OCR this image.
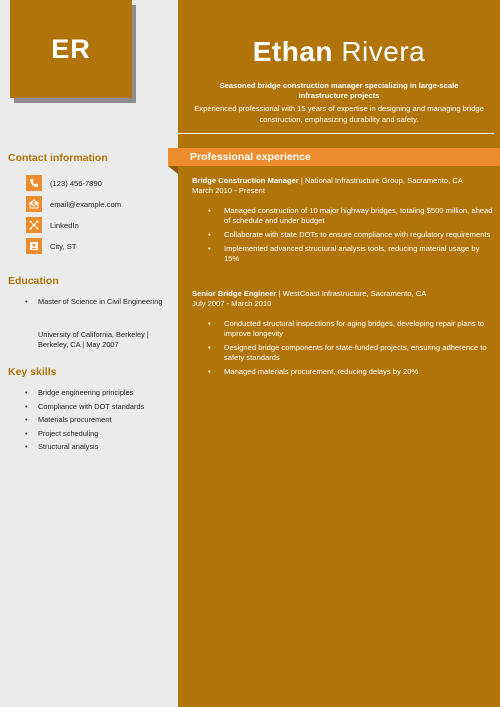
ER	Ethan Rivera
Seasoned bridge construction manager specializing in large-scale infrastructure projects
Experienced professional with 15 years of expertise in designing and managing bridge construction, emphasizing durability and safety.
Contact information
(123) 456-7890
email@example.com
LinkedIn
City, ST
Education
• Master of Science in Civil Engineering
University of California, Berkeley | Berkeley, CA | May 2007
Key skills
• Bridge engineering principles
• Compliance with DOT standards
• Materials procurement
• Project scheduling
• Structural analysis
Professional experience
Bridge Construction Manager | National Infrastructure Group, Sacramento, CA
March 2010 - Present
• Managed construction of 10 major highway bridges, totaling $500 million, ahead of schedule and under budget
• Collaborate with state DOTs to ensure compliance with regulatory requirements
• Implemented advanced structural analysis tools, reducing material usage by 15%
Senior Bridge Engineer | WestCoast Infrastructure, Sacramento, CA
July 2007 - March 2010
• Conducted structural inspections for aging bridges, developing repair plans to improve longevity
• Designed bridge components for state-funded projects, ensuring adherence to safety standards
• Managed materials procurement, reducing delays by 20%
